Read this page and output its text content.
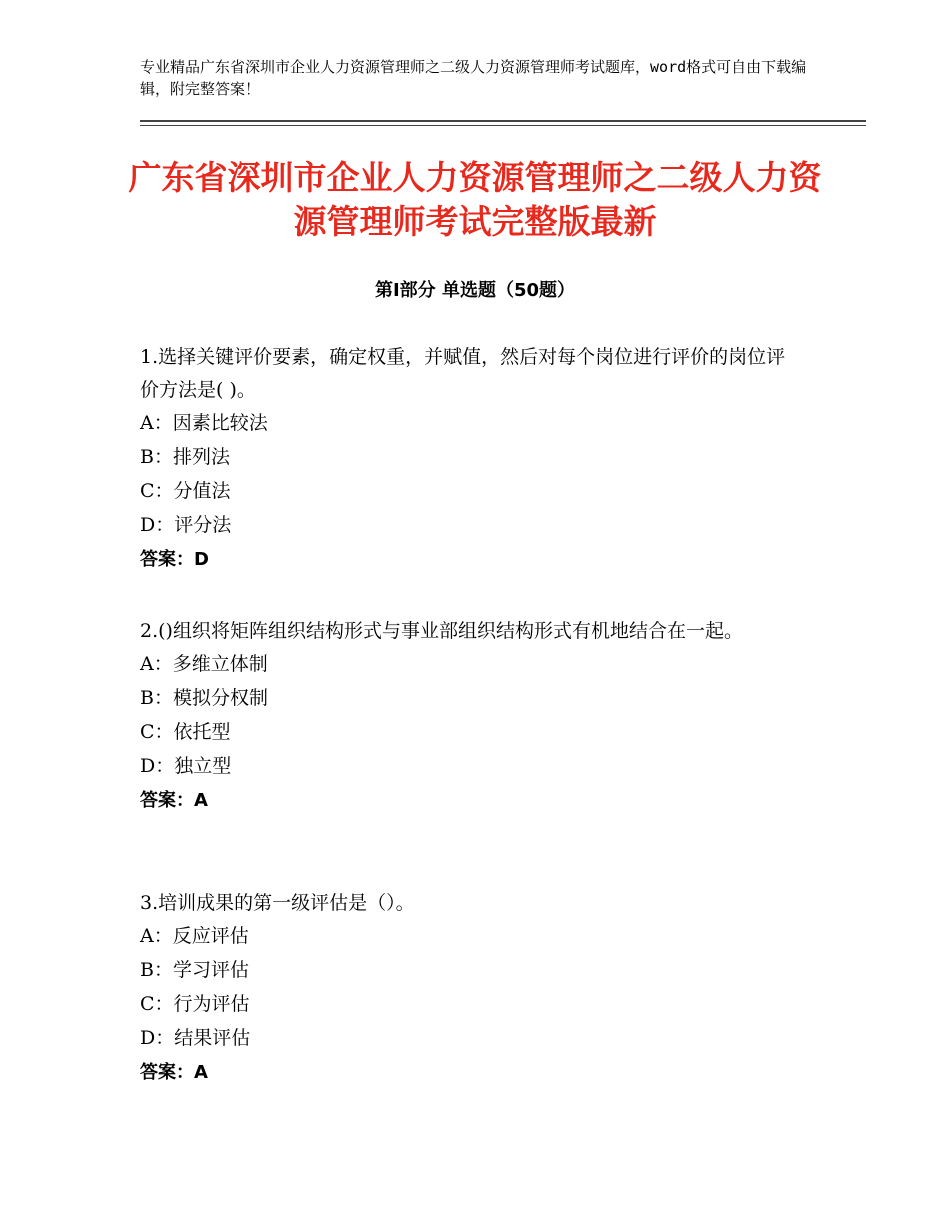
专业精品广东省深圳市企业人力资源管理师之二级人力资源管理师考试题库，word格式可自由下载编辑，附完整答案！
广东省深圳市企业人力资源管理师之二级人力资源管理师考试完整版最新
第Ⅰ部分 单选题（50题）

1.选择关键评价要素，确定权重，并赋值，然后对每个岗位进行评价的岗位评价方法是( )。

A：因素比较法

B：排列法

C：分值法

D：评分法

答案：D

2.()组织将矩阵组织结构形式与事业部组织结构形式有机地结合在一起。

A：多维立体制

B：模拟分权制

C：依托型

D：独立型

答案：A

3.培训成果的第一级评估是（）。

A：反应评估

B：学习评估

C：行为评估

D：结果评估

答案：A
